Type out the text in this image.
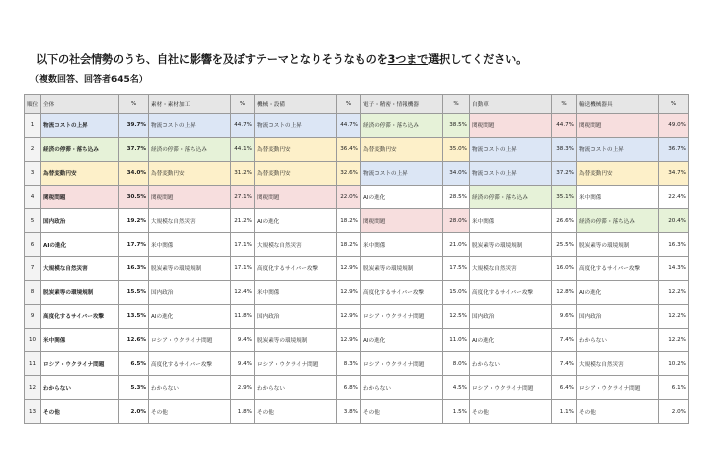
以下の社会情勢のうち、自社に影響を及ぼすテーマとなりそうなものを3つまで選択してください。
（複数回答、回答者645名）
順位	全体	%	素材・素材加工	%	機械・設備	%	電子・精密・情報機器	%	自動車	%	輸送機械器具	%
1	物流コストの上昇	39.7%	物流コストの上昇	44.7%	物流コストの上昇	44.7%	経済の停滞・落ち込み	38.5%	関税問題	44.7%	関税問題	49.0%
2	経済の停滞・落ち込み	37.7%	経済の停滞・落ち込み	44.1%	為替変動円安	36.4%	為替変動円安	35.0%	物流コストの上昇	38.3%	物流コストの上昇	36.7%
3	為替変動円安	34.0%	為替変動円安	31.2%	為替変動円安	32.6%	物流コストの上昇	34.0%	物流コストの上昇	37.2%	為替変動円安	34.7%
4	関税問題	30.5%	関税問題	27.1%	関税問題	22.0%	AIの進化	28.5%	経済の停滞・落ち込み	35.1%	米中関係	22.4%
5	国内政治	19.2%	大規模な自然災害	21.2%	AIの進化	18.2%	関税問題	28.0%	米中関係	26.6%	経済の停滞・落ち込み	20.4%
6	AIの進化	17.7%	米中関係	17.1%	大規模な自然災害	18.2%	米中関係	21.0%	脱炭素等の環境規制	25.5%	脱炭素等の環境規制	16.3%
7	大規模な自然災害	16.3%	脱炭素等の環境規制	17.1%	高度化するサイバー攻撃	12.9%	脱炭素等の環境規制	17.5%	大規模な自然災害	16.0%	高度化するサイバー攻撃	14.3%
8	脱炭素等の環境規制	15.5%	国内政治	12.4%	米中関係	12.9%	高度化するサイバー攻撃	15.0%	高度化するサイバー攻撃	12.8%	AIの進化	12.2%
9	高度化するサイバー攻撃	13.5%	AIの進化	11.8%	国内政治	12.9%	ロシア・ウクライナ問題	12.5%	国内政治	9.6%	国内政治	12.2%
10	米中関係	12.6%	ロシア・ウクライナ問題	9.4%	脱炭素等の環境規制	12.9%	AIの進化	11.0%	AIの進化	7.4%	わからない	12.2%
11	ロシア・ウクライナ問題	6.5%	高度化するサイバー攻撃	9.4%	ロシア・ウクライナ問題	8.3%	ロシア・ウクライナ問題	8.0%	わからない	7.4%	大規模な自然災害	10.2%
12	わからない	5.3%	わからない	2.9%	わからない	6.8%	わからない	4.5%	ロシア・ウクライナ問題	6.4%	ロシア・ウクライナ問題	6.1%
13	その他	2.0%	その他	1.8%	その他	3.8%	その他	1.5%	その他	1.1%	その他	2.0%
